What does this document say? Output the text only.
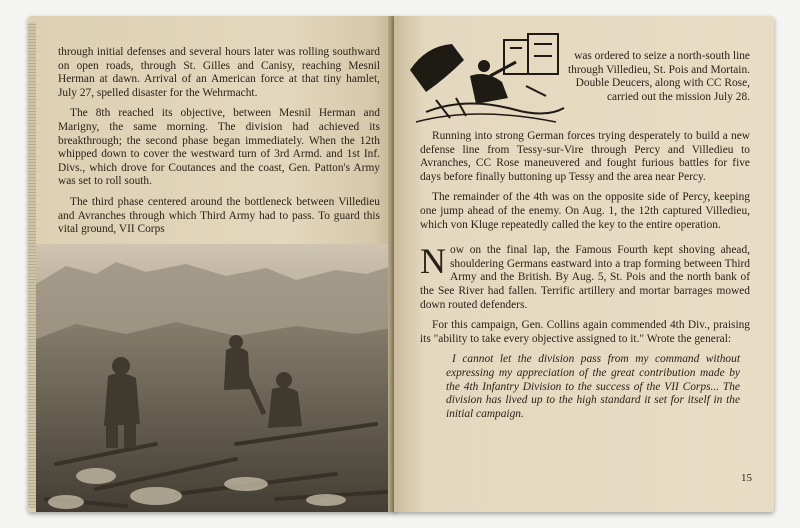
through initial defenses and several hours later was rolling southward on open roads, through St. Gilles and Canisy, reaching Mesnil Herman at dawn. Arrival of an American force at that tiny hamlet, July 27, spelled disaster for the Wehrmacht.

The 8th reached its objective, between Mesnil Herman and Marigny, the same morning. The division had achieved its breakthrough; the second phase began immediately. When the 12th whipped down to cover the westward turn of 3rd Armd. and 1st Inf. Divs., which drove for Coutances and the coast, Gen. Patton's Army was set to roll south.

The third phase centered around the bottleneck between Villedieu and Avranches through which Third Army had to pass. To guard this vital ground, VII Corps

was ordered to seize a north-south line through Villedieu, St. Pois and Mortain. Double Deucers, along with CC Rose, carried out the mission July 28.

Running into strong German forces trying desperately to build a new defense line from Tessy-sur-Vire through Percy and Villedieu to Avranches, CC Rose maneuvered and fought furious battles for five days before finally buttoning up Tessy and the area near Percy.

The remainder of the 4th was on the opposite side of Percy, keeping one jump ahead of the enemy. On Aug. 1, the 12th captured Villedieu, which von Kluge repeatedly called the key to the entire operation.

Now on the final lap, the Famous Fourth kept shoving ahead, shouldering Germans eastward into a trap forming between Third Army and the British. By Aug. 5, St. Pois and the north bank of the See River had fallen. Terrific artillery and mortar barrages mowed down routed defenders.

For this campaign, Gen. Collins again commended 4th Div., praising its "ability to take every objective assigned to it." Wrote the general:

I cannot let the division pass from my command without expressing my appreciation of the great contribution made by the 4th Infantry Division to the success of the VII Corps... The division has lived up to the high standard it set for itself in the initial campaign.

15
